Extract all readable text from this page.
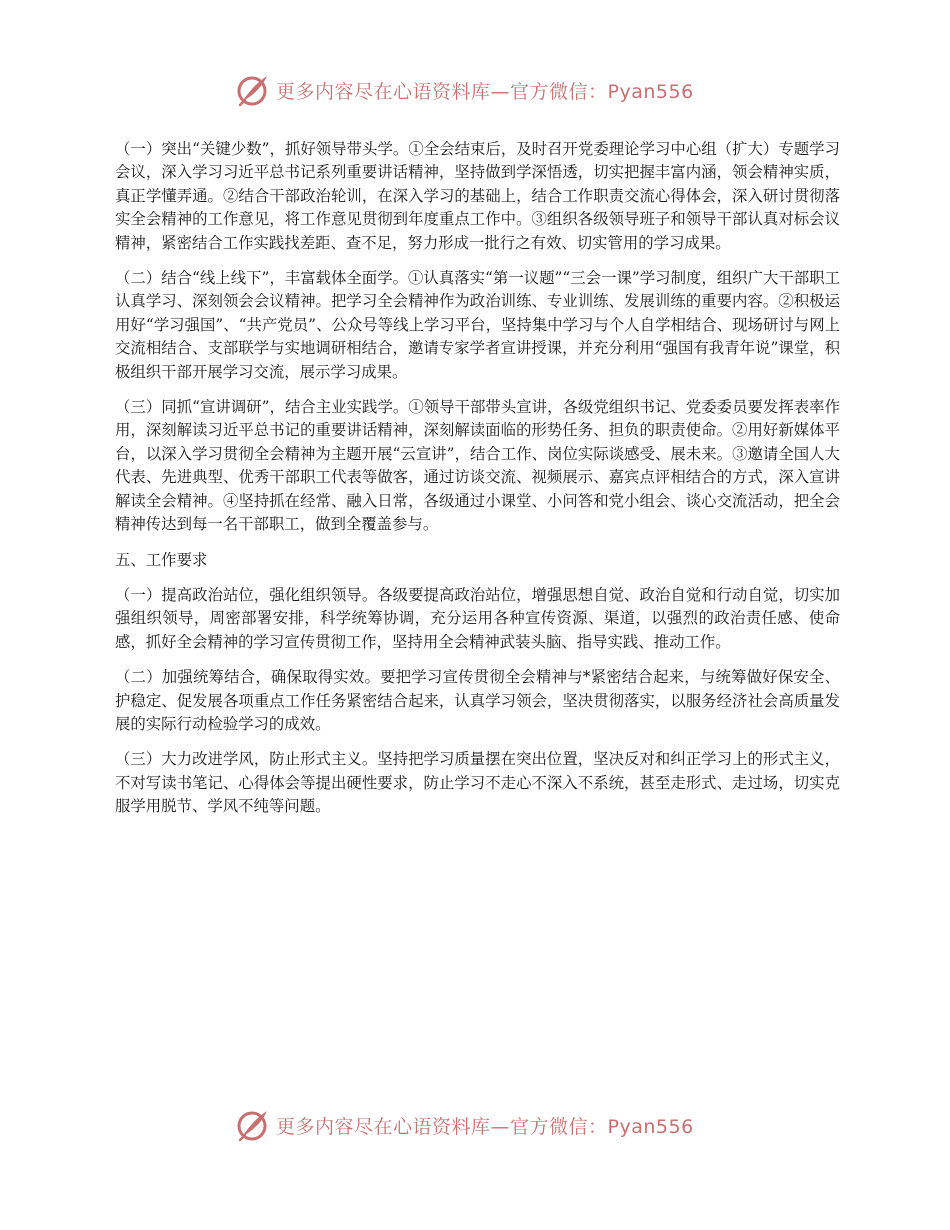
更多内容尽在心语资料库—官方微信：Pyan556

（一）突出“关键少数”，抓好领导带头学。①全会结束后，及时召开党委理论学习中心组（扩大）专题学习会议，深入学习习近平总书记系列重要讲话精神，坚持做到学深悟透，切实把握丰富内涵，领会精神实质，真正学懂弄通。②结合干部政治轮训，在深入学习的基础上，结合工作职责交流心得体会，深入研讨贯彻落实全会精神的工作意见，将工作意见贯彻到年度重点工作中。③组织各级领导班子和领导干部认真对标会议精神，紧密结合工作实践找差距、查不足，努力形成一批行之有效、切实管用的学习成果。

（二）结合“线上线下”，丰富载体全面学。①认真落实“第一议题”“三会一课”学习制度，组织广大干部职工认真学习、深刻领会会议精神。把学习全会精神作为政治训练、专业训练、发展训练的重要内容。②积极运用好“学习强国”、“共产党员”、公众号等线上学习平台，坚持集中学习与个人自学相结合、现场研讨与网上交流相结合、支部联学与实地调研相结合，邀请专家学者宣讲授课，并充分利用“强国有我青年说”课堂，积极组织干部开展学习交流，展示学习成果。

（三）同抓“宣讲调研”，结合主业实践学。①领导干部带头宣讲，各级党组织书记、党委委员要发挥表率作用，深刻解读习近平总书记的重要讲话精神，深刻解读面临的形势任务、担负的职责使命。②用好新媒体平台，以深入学习贯彻全会精神为主题开展“云宣讲”，结合工作、岗位实际谈感受、展未来。③邀请全国人大代表、先进典型、优秀干部职工代表等做客，通过访谈交流、视频展示、嘉宾点评相结合的方式，深入宣讲解读全会精神。④坚持抓在经常、融入日常，各级通过小课堂、小问答和党小组会、谈心交流活动，把全会精神传达到每一名干部职工，做到全覆盖参与。

五、工作要求

（一）提高政治站位，强化组织领导。各级要提高政治站位，增强思想自觉、政治自觉和行动自觉，切实加强组织领导，周密部署安排，科学统筹协调，充分运用各种宣传资源、渠道，以强烈的政治责任感、使命感，抓好全会精神的学习宣传贯彻工作，坚持用全会精神武装头脑、指导实践、推动工作。

（二）加强统筹结合，确保取得实效。要把学习宣传贯彻全会精神与*紧密结合起来，与统筹做好保安全、护稳定、促发展各项重点工作任务紧密结合起来，认真学习领会，坚决贯彻落实，以服务经济社会高质量发展的实际行动检验学习的成效。

（三）大力改进学风，防止形式主义。坚持把学习质量摆在突出位置，坚决反对和纠正学习上的形式主义，不对写读书笔记、心得体会等提出硬性要求，防止学习不走心不深入不系统，甚至走形式、走过场，切实克服学用脱节、学风不纯等问题。

更多内容尽在心语资料库—官方微信：Pyan556
